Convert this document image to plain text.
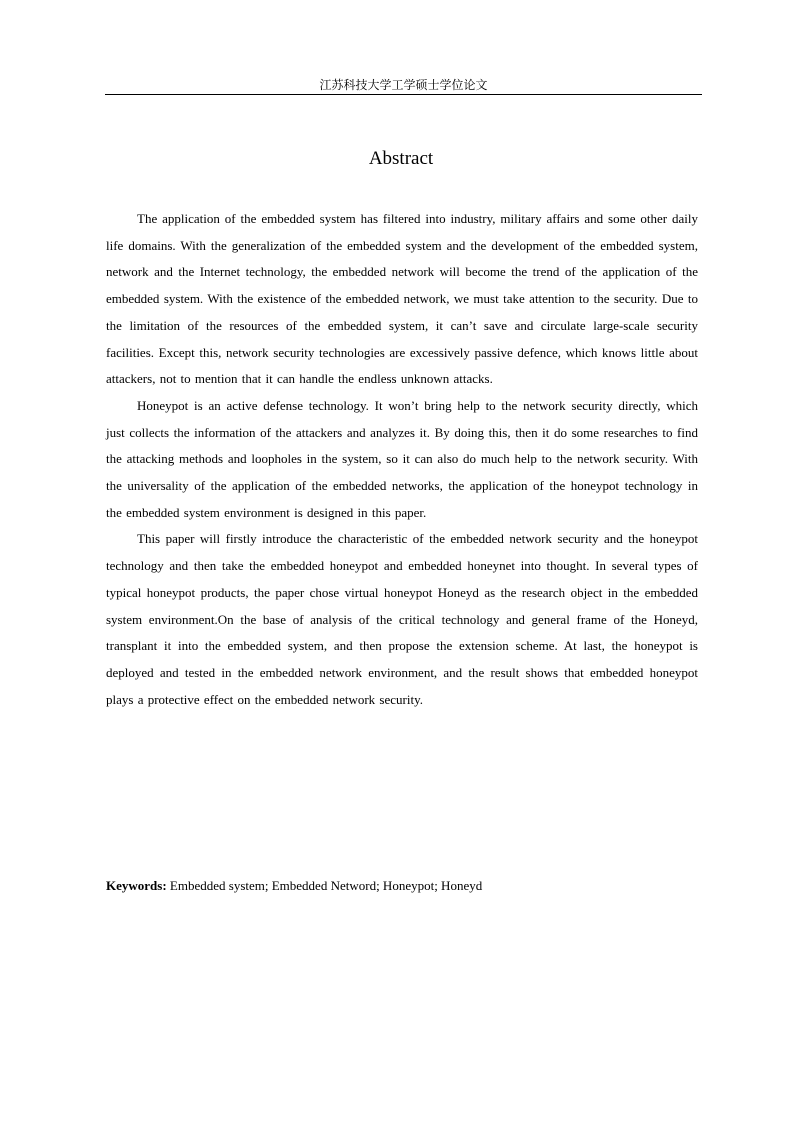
江苏科技大学工学硕士学位论文
Abstract

The application of the embedded system has filtered into industry, military affairs and some other daily life domains. With the generalization of the embedded system and the development of the embedded system, network and the Internet technology, the embedded network will become the trend of the application of the embedded system. With the existence of the embedded network, we must take attention to the security. Due to the limitation of the resources of the embedded system, it can’t save and circulate large-scale security facilities. Except this, network security technologies are excessively passive defence, which knows little about attackers, not to mention that it can handle the endless unknown attacks.

Honeypot is an active defense technology. It won’t bring help to the network security directly, which just collects the information of the attackers and analyzes it. By doing this, then it do some researches to find the attacking methods and loopholes in the system, so it can also do much help to the network security. With the universality of the application of the embedded networks, the application of the honeypot technology in the embedded system environment is designed in this paper.

This paper will firstly introduce the characteristic of the embedded network security and the honeypot technology and then take the embedded honeypot and embedded honeynet into thought. In several types of typical honeypot products, the paper chose virtual honeypot Honeyd as the research object in the embedded system environment.On the base of analysis of the critical technology and general frame of the Honeyd, transplant it into the embedded system, and then propose the extension scheme. At last, the honeypot is deployed and tested in the embedded network environment, and the result shows that embedded honeypot plays a protective effect on the embedded network security.

Keywords: Embedded system; Embedded Netword; Honeypot; Honeyd
